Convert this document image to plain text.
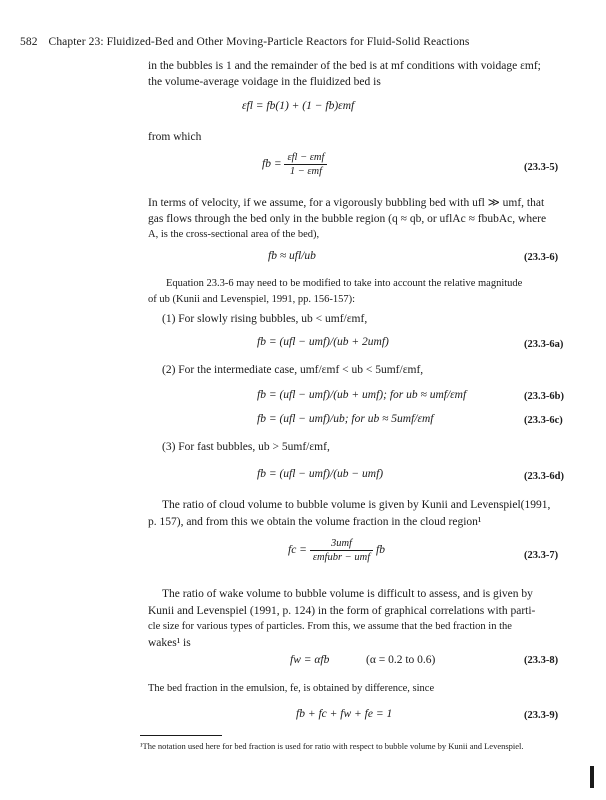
582 Chapter 23: Fluidized-Bed and Other Moving-Particle Reactors for Fluid-Solid Reactions
in the bubbles is 1 and the remainder of the bed is at mf conditions with voidage εmf;
the volume-average voidage in the fluidized bed is
εfl = fb(1) + (1 − fb)εmf
from which
fb = $\frac{\text{εfl − εmf}}{\text{1 − εmf}}$	(23.3-5)
In terms of velocity, if we assume, for a vigorously bubbling bed with ufl ≫ umf, that
gas flows through the bed only in the bubble region (q ≈ qb, or uflAc ≈ fbubAc, where
A, is the cross-sectional area of the bed),
fb ≈ ufl/ub	(23.3-6)
Equation 23.3-6 may need to be modified to take into account the relative magnitude
of ub (Kunii and Levenspiel, 1991, pp. 156-157):
(1) For slowly rising bubbles, ub < umf/εmf,
fb = (ufl − umf)/(ub + 2umf)	(23.3-6a)
(2) For the intermediate case, umf/εmf < ub < 5umf/εmf,
fb = (ufl − umf)/(ub + umf); for ub ≈ umf/εmf	(23.3-6b)
fb = (ufl − umf)/ub; for ub ≈ 5umf/εmf	(23.3-6c)
(3) For fast bubbles, ub > 5umf/εmf,
fb = (ufl − umf)/(ub − umf)	(23.3-6d)
The ratio of cloud volume to bubble volume is given by Kunii and Levenspiel(1991,
p. 157), and from this we obtain the volume fraction in the cloud region¹
fc = $\frac{\text{3umf}}{\text{εmfubr − umf}}$ fb	(23.3-7)
The ratio of wake volume to bubble volume is difficult to assess, and is given by
Kunii and Levenspiel (1991, p. 124) in the form of graphical correlations with parti-
cle size for various types of particles. From this, we assume that the bed fraction in the
wakes¹ is
fw = αfb	(α = 0.2 to 0.6)	(23.3-8)
The bed fraction in the emulsion, fe, is obtained by difference, since
fb + fc + fw + fe = 1	(23.3-9)
¹The notation used here for bed fraction is used for ratio with respect to bubble volume by Kunii and Levenspiel.
